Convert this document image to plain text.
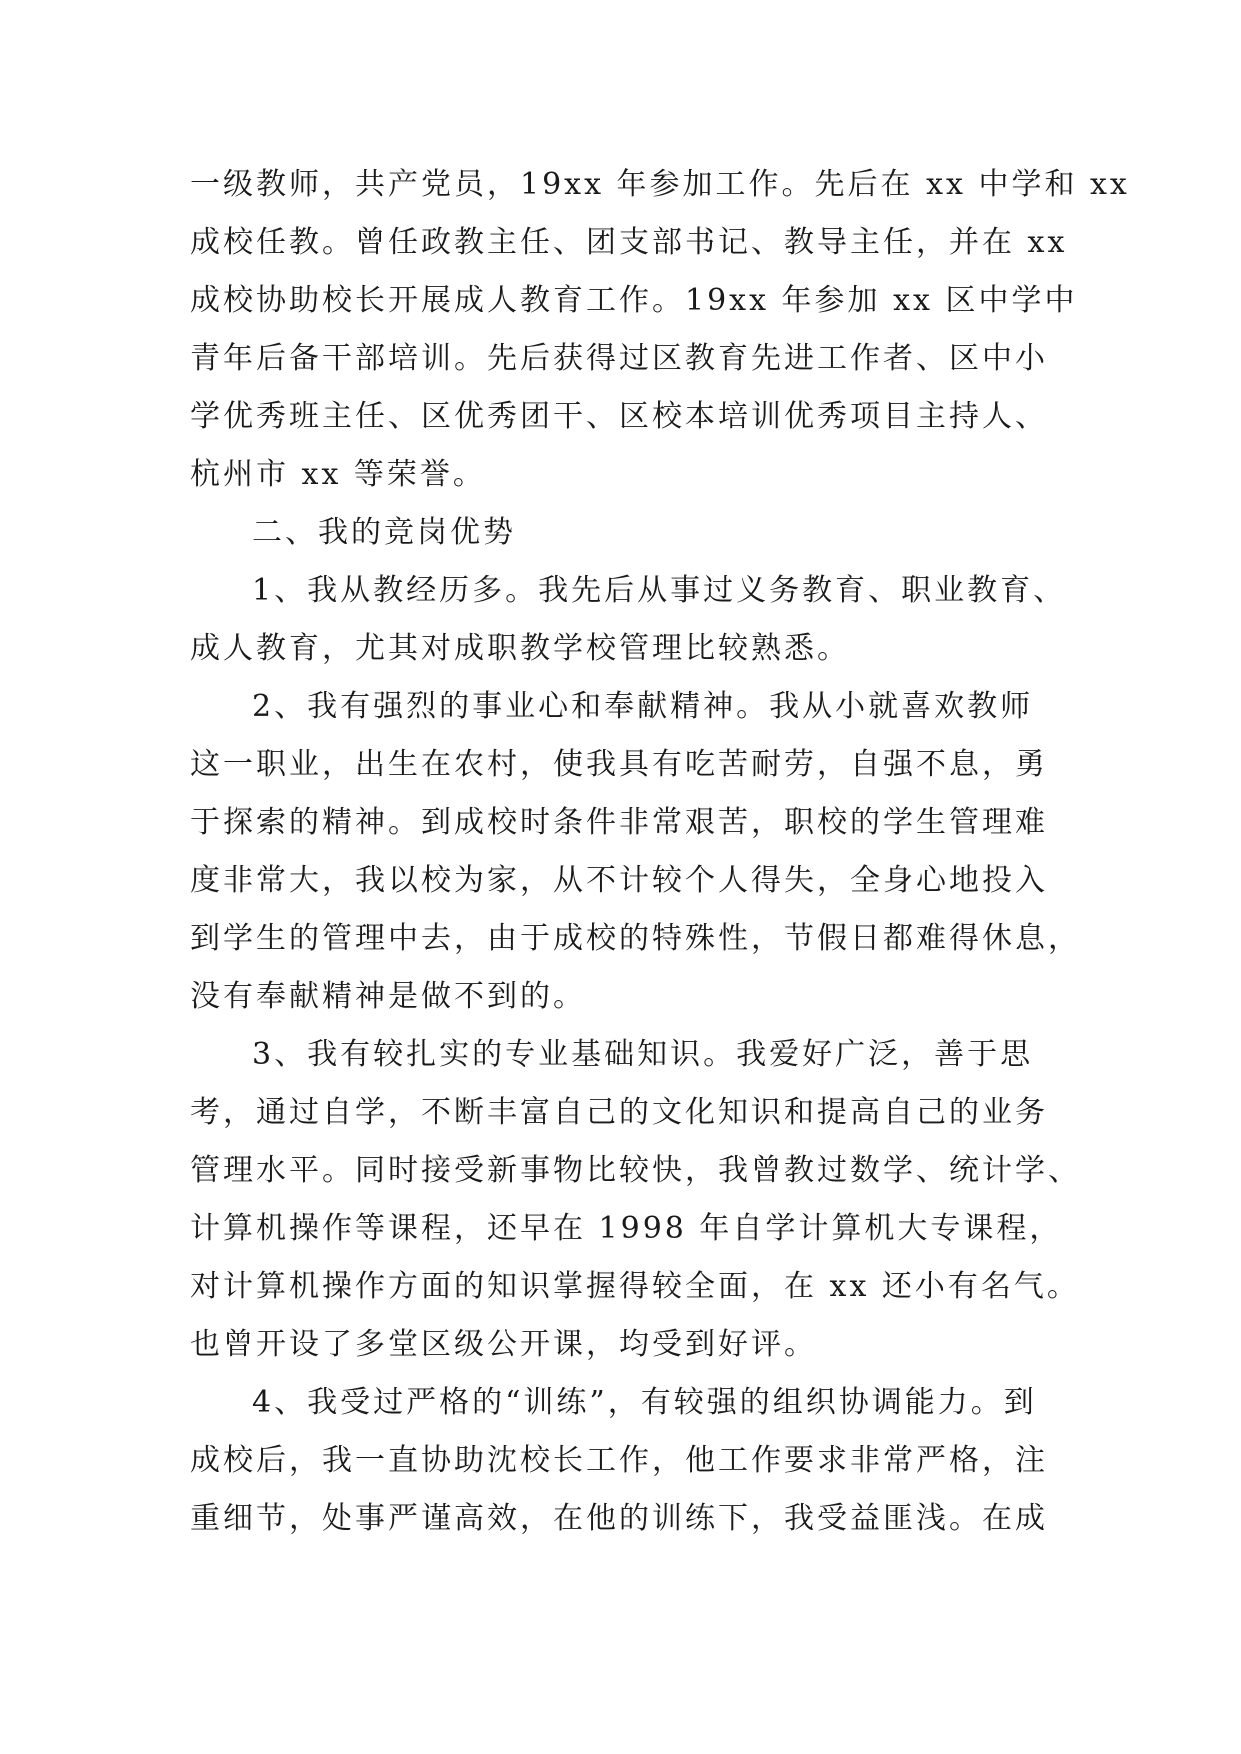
一级教师，共产党员，19xx 年参加工作。先后在 xx 中学和 xx
成校任教。曾任政教主任、团支部书记、教导主任，并在 xx
成校协助校长开展成人教育工作。19xx 年参加 xx 区中学中
青年后备干部培训。先后获得过区教育先进工作者、区中小
学优秀班主任、区优秀团干、区校本培训优秀项目主持人、
杭州市 xx 等荣誉。
二、我的竞岗优势
1、我从教经历多。我先后从事过义务教育、职业教育、
成人教育，尤其对成职教学校管理比较熟悉。
2、我有强烈的事业心和奉献精神。我从小就喜欢教师
这一职业，出生在农村，使我具有吃苦耐劳，自强不息，勇
于探索的精神。到成校时条件非常艰苦，职校的学生管理难
度非常大，我以校为家，从不计较个人得失，全身心地投入
到学生的管理中去，由于成校的特殊性，节假日都难得休息，
没有奉献精神是做不到的。
3、我有较扎实的专业基础知识。我爱好广泛，善于思
考，通过自学，不断丰富自己的文化知识和提高自己的业务
管理水平。同时接受新事物比较快，我曾教过数学、统计学、
计算机操作等课程，还早在 1998 年自学计算机大专课程，
对计算机操作方面的知识掌握得较全面，在 xx 还小有名气。
也曾开设了多堂区级公开课，均受到好评。
4、我受过严格的“训练”，有较强的组织协调能力。到
成校后，我一直协助沈校长工作，他工作要求非常严格，注
重细节，处事严谨高效，在他的训练下，我受益匪浅。在成
